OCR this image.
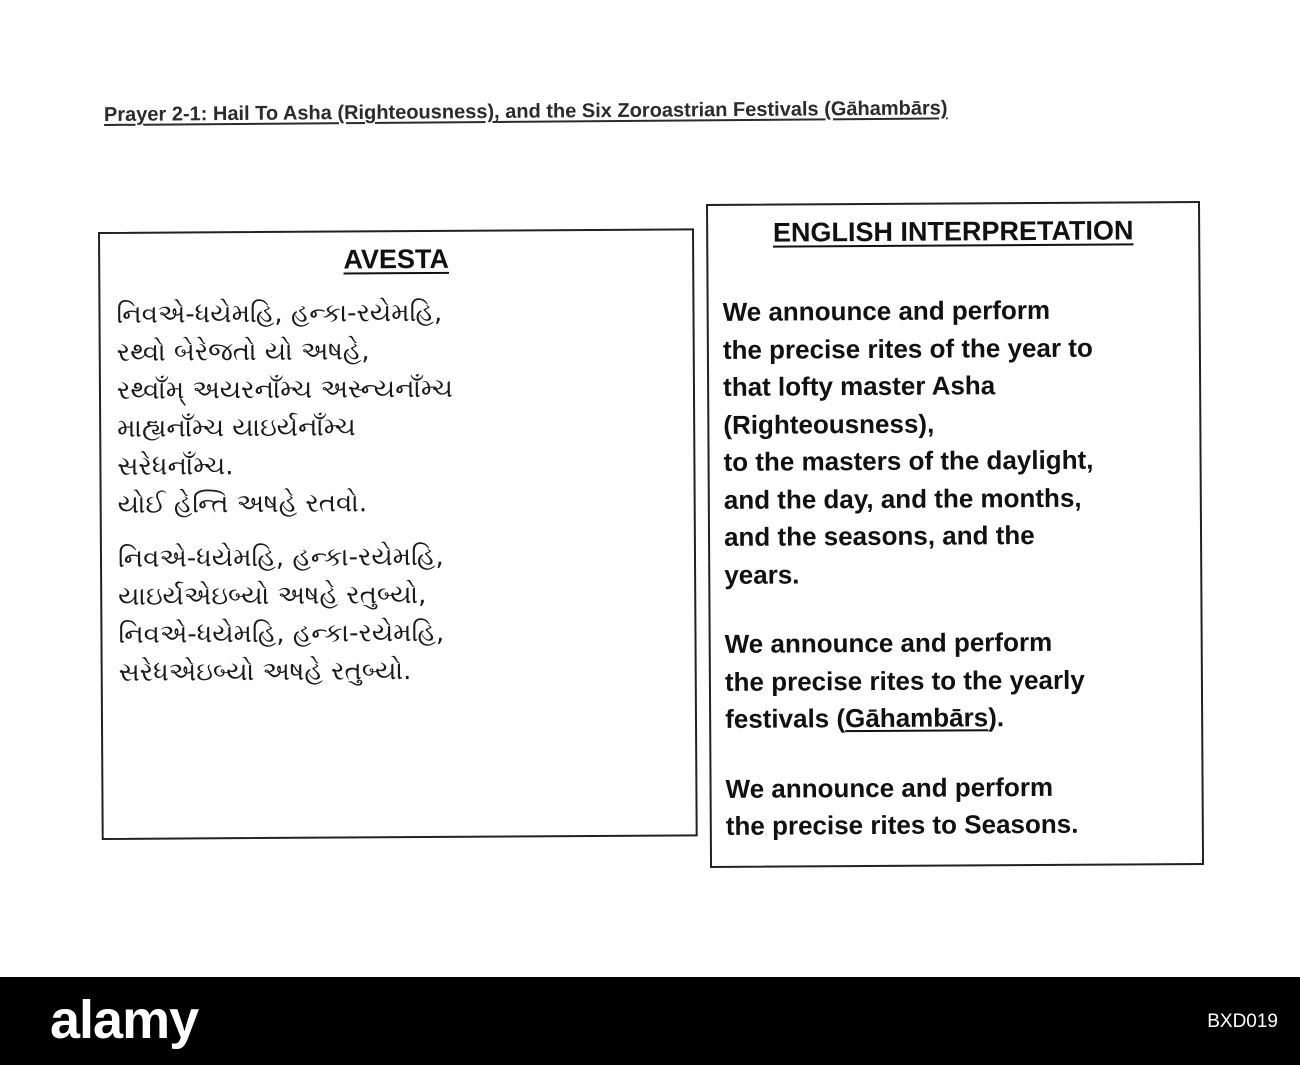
Prayer 2-1: Hail To Asha (Righteousness), and the Six Zoroastrian Festivals (Gāhambārs)
AVESTA
નિવએ-ધયેમહિ, હન્કા-રયેમહિ,
રથ્વો બેરેજતો યો અષહે,
રથ્વાઁમ્ અયરનાઁમ્ચ અસ્ન્યનાઁમ્ચ
માહ્યનાઁમ્ચ યાઇર્યનાઁમ્ચ
સરેધનાઁમ્ચ.
યોઈ હેન્તિ અષહે રતવો.
નિવએ-ધયેમહિ, હન્કા-રયેમહિ,
યાઇર્યએઇબ્યો અષહે રતુબ્યો,
નિવએ-ધયેમહિ, હન્કા-રયેમહિ,
સરેધએઇબ્યો અષહે રતુબ્યો.
ENGLISH INTERPRETATION

We announce and perform
the precise rites of the year to
that lofty master Asha
(Righteousness),
to the masters of the daylight,
and the day, and the months,
and the seasons, and the
years.

We announce and perform
the precise rites to the yearly
festivals (Gāhambārs).

We announce and perform
the precise rites to Seasons.

alamy	BXD019
